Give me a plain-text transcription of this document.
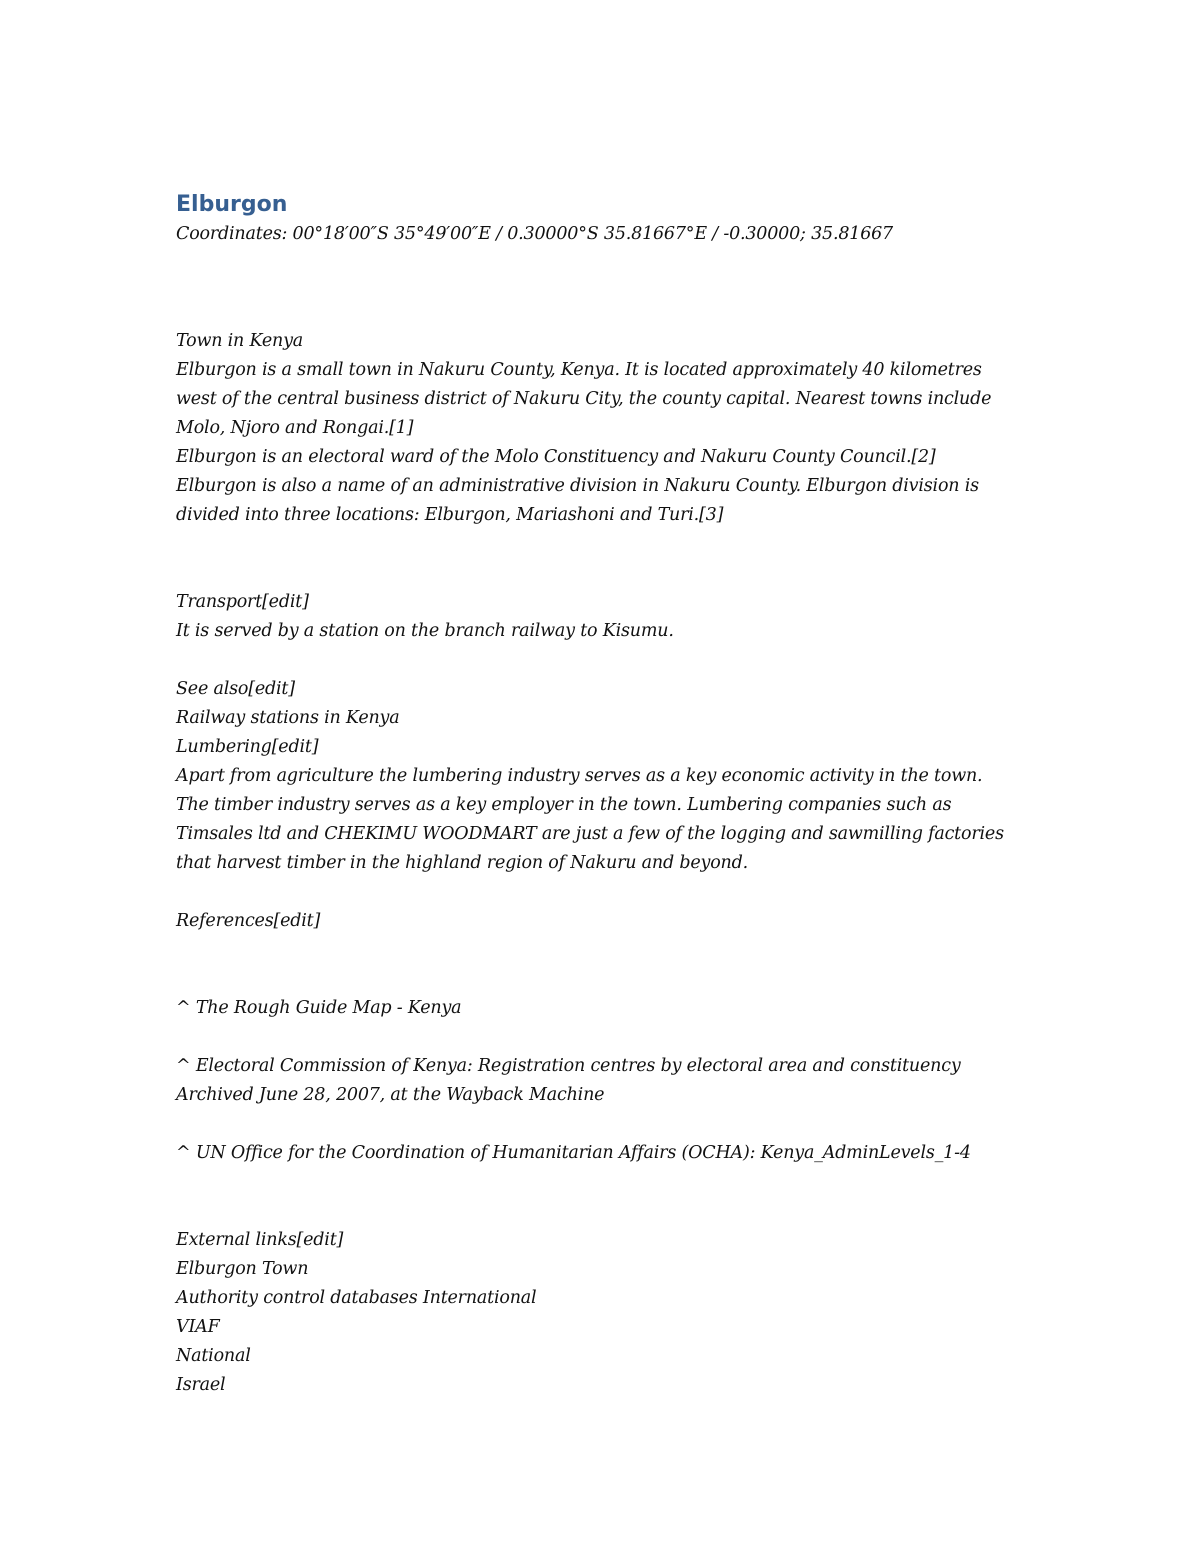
Elburgon

Coordinates: 00°18′00″S 35°49′00″E / 0.30000°S 35.81667°E / -0.30000; 35.81667

Town in Kenya
Elburgon is a small town in Nakuru County, Kenya. It is located approximately 40 kilometres
west of the central business district of Nakuru City, the county capital. Nearest towns include
Molo, Njoro and Rongai.[1]
Elburgon is an electoral ward of the Molo Constituency and Nakuru County Council.[2]
Elburgon is also a name of an administrative division in Nakuru County. Elburgon division is
divided into three locations: Elburgon, Mariashoni and Turi.[3]
Transport[edit]
It is served by a station on the branch railway to Kisumu.
See also[edit]
Railway stations in Kenya
Lumbering[edit]
Apart from agriculture the lumbering industry serves as a key economic activity in the town.
The timber industry serves as a key employer in the town. Lumbering companies such as
Timsales ltd and CHEKIMU WOODMART are just a few of the logging and sawmilling factories
that harvest timber in the highland region of Nakuru and beyond.
References[edit]
^ The Rough Guide Map - Kenya
^ Electoral Commission of Kenya: Registration centres by electoral area and constituency
Archived June 28, 2007, at the Wayback Machine
^ UN Office for the Coordination of Humanitarian Affairs (OCHA): Kenya_AdminLevels_1-4
External links[edit]
Elburgon Town
Authority control databases International
VIAF
National
Israel
